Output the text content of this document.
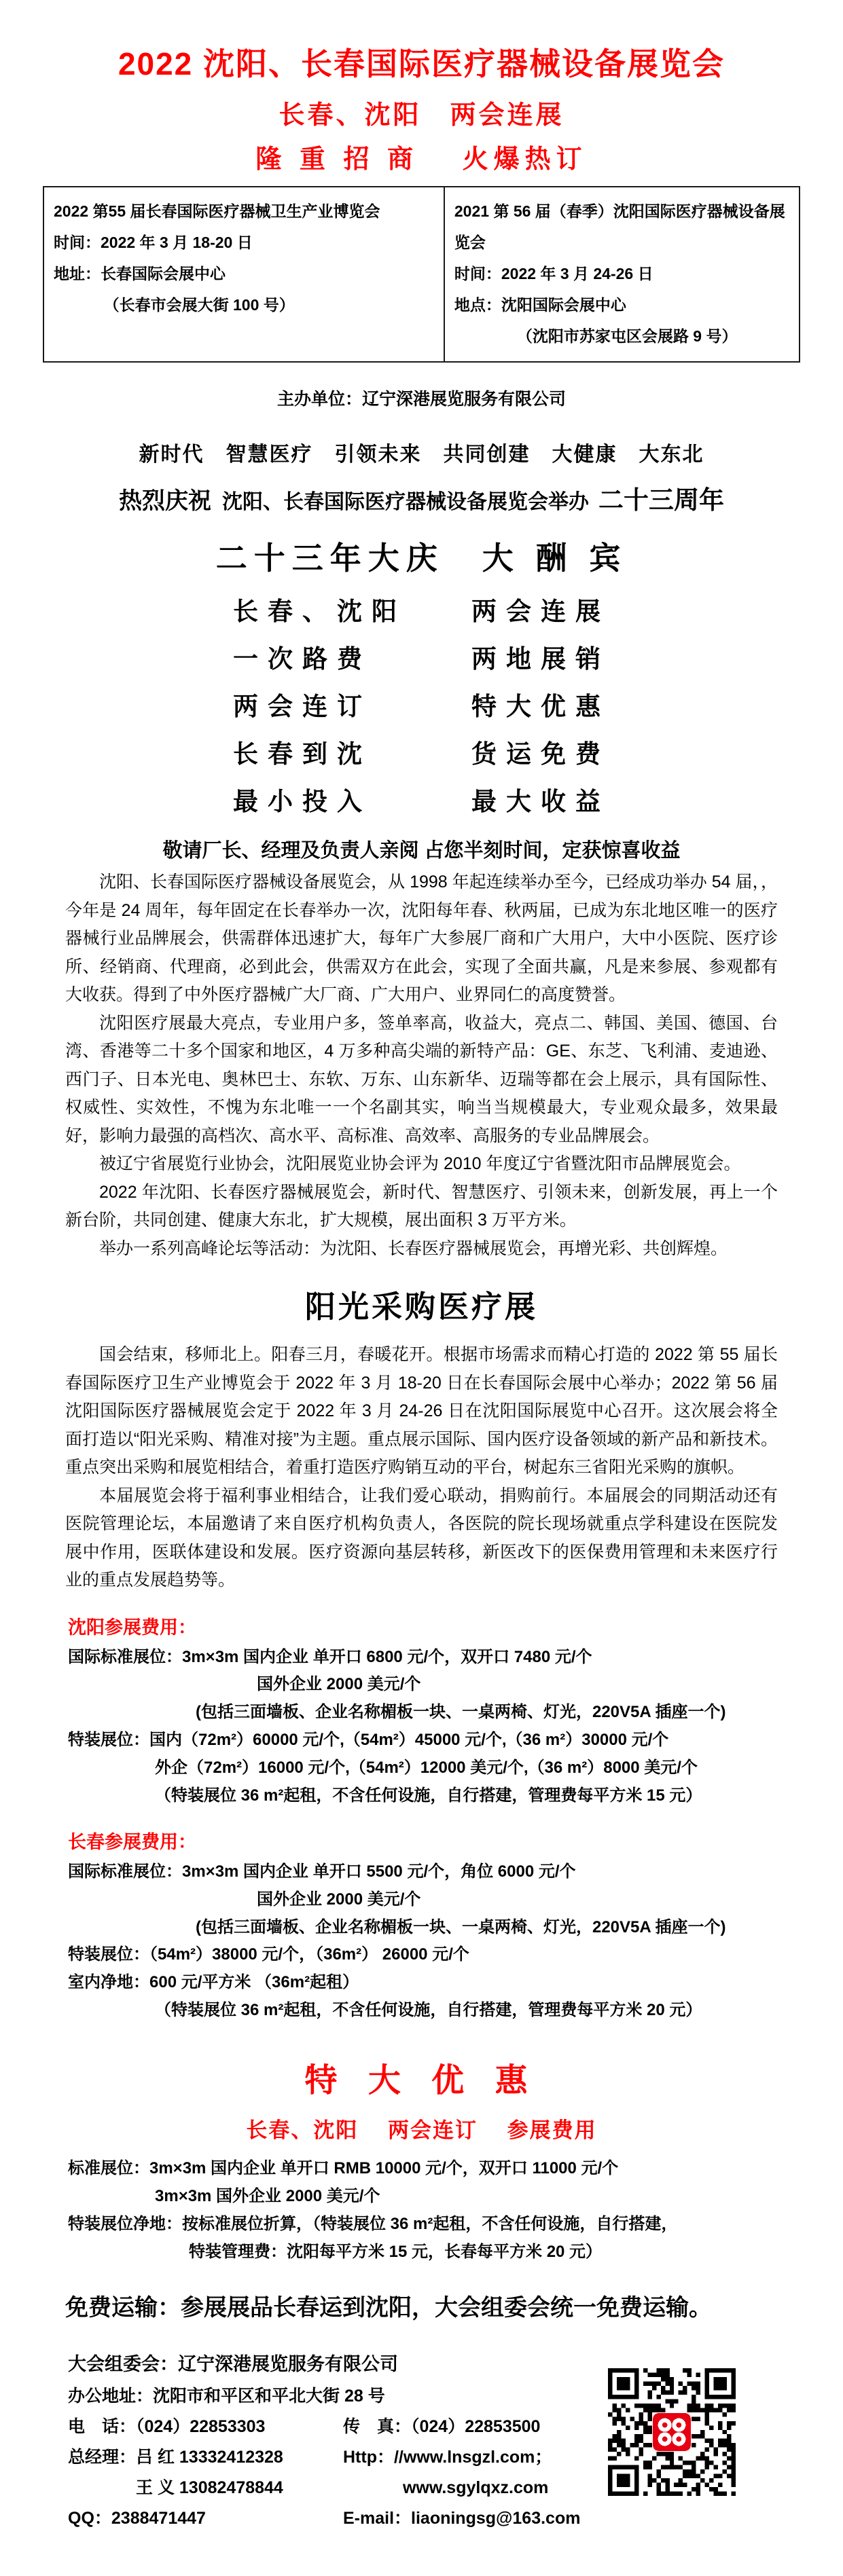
2022 沈阳、长春国际医疗器械设备展览会
长春、沈阳　两会连展
隆 重 招 商　 火爆热订
2022 第55 届长春国际医疗器械卫生产业博览会
时间：2022 年 3 月 18-20 日
地址：长春国际会展中心
（长春市会展大街 100 号）

2021 第 56 届（春季）沈阳国际医疗器械设备展览会
时间：2022 年 3 月 24-26 日
地点：沈阳国际会展中心
（沈阳市苏家屯区会展路 9 号）
主办单位：辽宁深港展览服务有限公司
新时代　智慧医疗　引领未来　共同创建　大健康　大东北
热烈庆祝 沈阳、长春国际医疗器械设备展览会举办 二十三周年
二十三年大庆　大 酬 宾
长春、沈阳	两会连展
一次路费	两地展销
两会连订	特大优惠
长春到沈	货运免费
最小投入	最大收益
敬请厂长、经理及负责人亲阅 占您半刻时间，定获惊喜收益

沈阳、长春国际医疗器械设备展览会，从 1998 年起连续举办至今，已经成功举办 54 届，，今年是 24 周年，每年固定在长春举办一次，沈阳每年春、秋两届，已成为东北地区唯一的医疗器械行业品牌展会，供需群体迅速扩大，每年广大参展厂商和广大用户，大中小医院、医疗诊所、经销商、代理商，必到此会，供需双方在此会，实现了全面共赢，凡是来参展、参观都有大收获。得到了中外医疗器械广大厂商、广大用户、业界同仁的高度赞誉。

沈阳医疗展最大亮点，专业用户多，签单率高，收益大，亮点二、韩国、美国、德国、台湾、香港等二十多个国家和地区，4 万多种高尖端的新特产品：GE、东芝、飞利浦、麦迪逊、西门子、日本光电、奥林巴士、东软、万东、山东新华、迈瑞等都在会上展示，具有国际性、权威性、实效性，不愧为东北唯一一个名副其实，响当当规模最大，专业观众最多，效果最好，影响力最强的高档次、高水平、高标准、高效率、高服务的专业品牌展会。

被辽宁省展览行业协会，沈阳展览业协会评为 2010 年度辽宁省暨沈阳市品牌展览会。

2022 年沈阳、长春医疗器械展览会，新时代、智慧医疗、引领未来，创新发展，再上一个新台阶，共同创建、健康大东北，扩大规模，展出面积 3 万平方米。

举办一系列高峰论坛等活动：为沈阳、长春医疗器械展览会，再增光彩、共创辉煌。

阳光采购医疗展

国会结束，移师北上。阳春三月，春暖花开。根据市场需求而精心打造的 2022 第 55 届长春国际医疗卫生产业博览会于 2022 年 3 月 18-20 日在长春国际会展中心举办；2022 第 56 届沈阳国际医疗器械展览会定于 2022 年 3 月 24-26 日在沈阳国际展览中心召开。这次展会将全面打造以“阳光采购、精准对接”为主题。重点展示国际、国内医疗设备领域的新产品和新技术。重点突出采购和展览相结合，着重打造医疗购销互动的平台，树起东三省阳光采购的旗帜。

本届展览会将于福利事业相结合，让我们爱心联动，捐购前行。本届展会的同期活动还有医院管理论坛，本届邀请了来自医疗机构负责人，各医院的院长现场就重点学科建设在医院发展中作用，医联体建设和发展。医疗资源向基层转移，新医改下的医保费用管理和未来医疗行业的重点发展趋势等。

沈阳参展费用：
国际标准展位：3m×3m 国内企业 单开口 6800 元/个，双开口 7480 元/个
国外企业 2000 美元/个
(包括三面墙板、企业名称楣板一块、一桌两椅、灯光，220V5A 插座一个)
特装展位：国内（72m²）60000 元/个,（54m²）45000 元/个,（36 m²）30000 元/个
外企（72m²）16000 元/个,（54m²）12000 美元/个,（36 m²）8000 美元/个
（特装展位 36 m²起租，不含任何设施，自行搭建，管理费每平方米 15 元）
长春参展费用：
国际标准展位：3m×3m 国内企业 单开口 5500 元/个，角位 6000 元/个
国外企业 2000 美元/个
(包括三面墙板、企业名称楣板一块、一桌两椅、灯光，220V5A 插座一个)
特装展位：（54m²）38000 元/个，（36m²） 26000 元/个
室内净地：600 元/平方米 （36m²起租）
（特装展位 36 m²起租，不含任何设施，自行搭建，管理费每平方米 20 元）
特 大 优 惠
长春、沈阳　 两会连订　 参展费用
标准展位：3m×3m 国内企业 单开口 RMB 10000 元/个，双开口 11000 元/个
3m×3m 国外企业 2000 美元/个
特装展位净地：按标准展位折算，（特装展位 36 m²起租，不含任何设施，自行搭建，
特装管理费：沈阳每平方米 15 元，长春每平方米 20 元）
免费运输：参展展品长春运到沈阳，大会组委会统一免费运输。
大会组委会：辽宁深港展览服务有限公司
办公地址：沈阳市和平区和平北大街 28 号
电　话：（024）22853303	传　真：（024）22853500
总经理：吕 红 13332412328	Http：//www.lnsgzl.com；
　　　　王 义 13082478844	　 www.sgylqxz.com
QQ：2388471447	E-mail：liaoningsg@163.com
